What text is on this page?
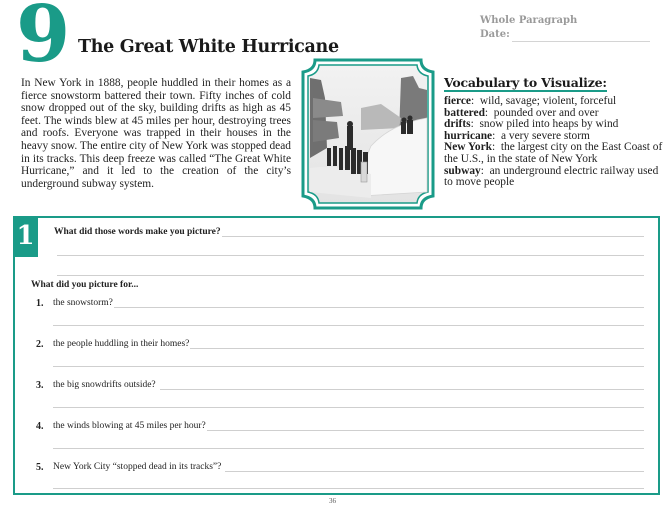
9 The Great White Hurricane
Whole Paragraph
Date:

In New York in 1888, people huddled in their homes as a fierce snowstorm battered their town. Fifty inches of cold snow dropped out of the sky, building drifts as high as 45 feet. The winds blew at 45 miles per hour, destroying trees and roofs. Everyone was trapped in their houses in the heavy snow. The entire city of New York was stopped dead in its tracks. This deep freeze was called “The Great White Hurricane,” and it led to the creation of the city’s underground subway system.

Vocabulary to Visualize:
fierce:  wild, savage; violent, forceful
battered:  pounded over and over
drifts:  snow piled into heaps by wind
hurricane:  a very severe storm
New York:  the largest city on the East Coast of the U.S., in the state of New York
subway:  an underground electric railway used to move people
1	What did those words make you picture?
What did you picture for...
1. the snowstorm?
2. the people huddling in their homes?
3. the big snowdrifts outside?
4. the winds blowing at 45 miles per hour?
5. New York City “stopped dead in its tracks”?
36
